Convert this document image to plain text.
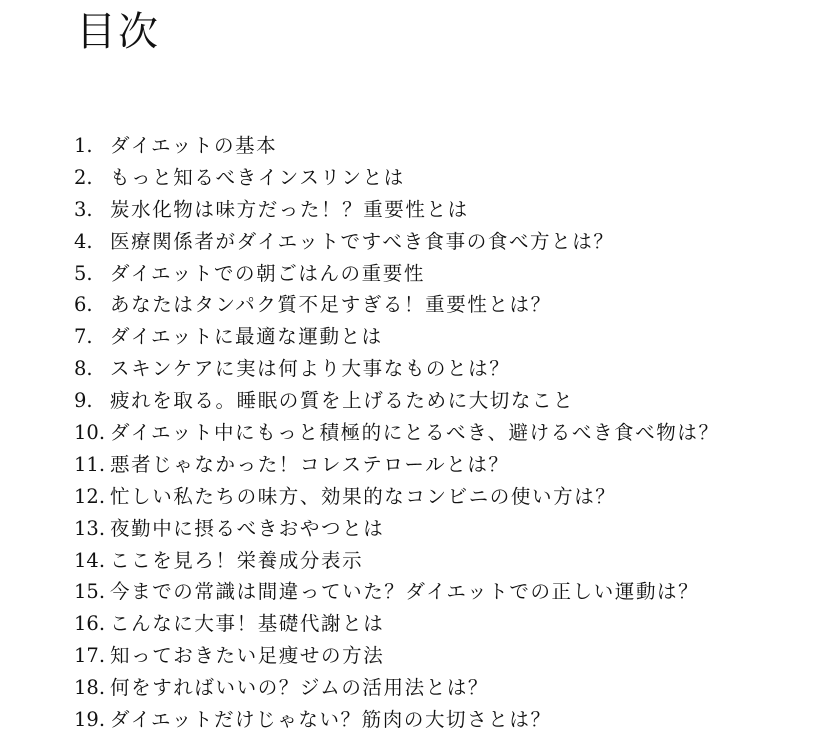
目次
1. ダイエットの基本
2. もっと知るべきインスリンとは
3. 炭水化物は味方だった！？重要性とは
4. 医療関係者がダイエットですべき食事の食べ方とは？
5. ダイエットでの朝ごはんの重要性
6. あなたはタンパク質不足すぎる！重要性とは？
7. ダイエットに最適な運動とは
8. スキンケアに実は何より大事なものとは？
9. 疲れを取る。睡眠の質を上げるために大切なこと
10. ダイエット中にもっと積極的にとるべき、避けるべき食べ物は？
11. 悪者じゃなかった！コレステロールとは？
12. 忙しい私たちの味方、効果的なコンビニの使い方は？
13. 夜勤中に摂るべきおやつとは
14. ここを見ろ！栄養成分表示
15. 今までの常識は間違っていた？ダイエットでの正しい運動は？
16. こんなに大事！基礎代謝とは
17. 知っておきたい足痩せの方法
18. 何をすればいいの？ジムの活用法とは？
19. ダイエットだけじゃない？筋肉の大切さとは？
